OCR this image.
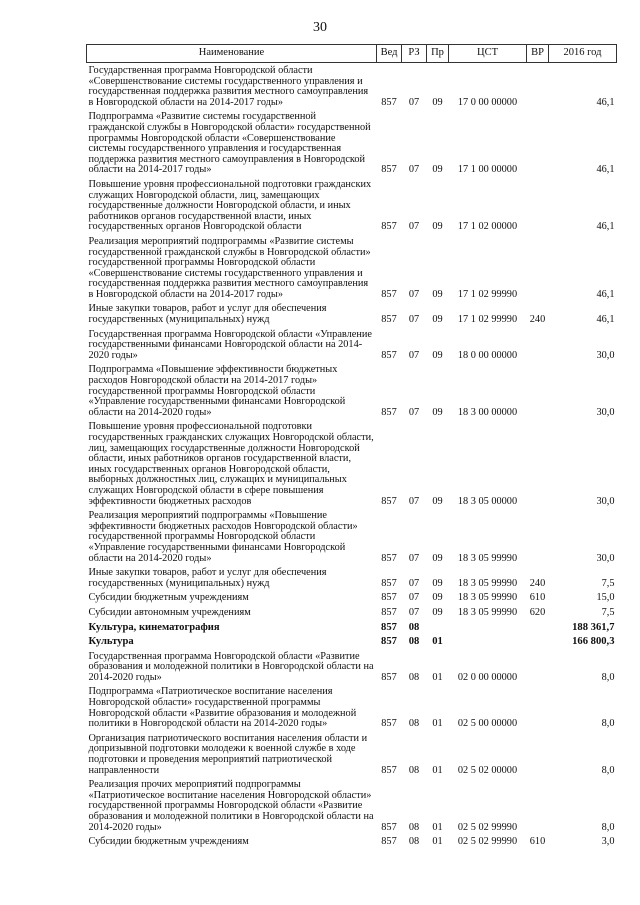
30
Наименование	Вед	РЗ	Пр	ЦСТ	ВР	2016 год
Государственная программа Новгородской области «Совершенствование системы государственного управления и государственная поддержка развития местного самоуправления в Новгородской области на 2014-2017 годы»	857	07	09	17 0 00 00000		46,1
Подпрограмма «Развитие системы государственной гражданской службы в Новгородской области» государственной программы Новгородской области «Совершенствование системы государственного управления и государственная поддержка развития местного самоуправления в Новгородской области на 2014-2017 годы»	857	07	09	17 1 00 00000		46,1
Повышение уровня профессиональной подготовки гражданских служащих Новгородской области, лиц, замещающих государственные должности Новгородской области, и иных работников органов государственной власти, иных государственных органов Новгородской области	857	07	09	17 1 02 00000		46,1
Реализация мероприятий подпрограммы «Развитие системы государственной гражданской службы в Новгородской области» государственной программы Новгородской области «Совершенствование системы государственного управления и государственная поддержка развития местного самоуправления в Новгородской области на 2014-2017 годы»	857	07	09	17 1 02 99990		46,1
Иные закупки товаров, работ и услуг для обеспечения государственных (муниципальных) нужд	857	07	09	17 1 02 99990	240	46,1
Государственная программа Новгородской области «Управление государственными финансами Новгородской области на 2014-2020 годы»	857	07	09	18 0 00 00000		30,0
Подпрограмма «Повышение эффективности бюджетных расходов Новгородской области на 2014-2017 годы» государственной программы Новгородской области «Управление государственными финансами Новгородской области на 2014-2020 годы»	857	07	09	18 3 00 00000		30,0
Повышение уровня профессиональной подготовки государственных гражданских служащих Новгородской области, лиц, замещающих государственные должности Новгородской области, иных работников органов государственной власти, иных государственных органов Новгородской области, выборных должностных лиц, служащих и муниципальных служащих Новгородской области в сфере повышения эффективности бюджетных расходов	857	07	09	18 3 05 00000		30,0
Реализация мероприятий подпрограммы «Повышение эффективности бюджетных расходов Новгородской области» государственной программы Новгородской области «Управление государственными финансами Новгородской области на 2014-2020 годы»	857	07	09	18 3 05 99990		30,0
Иные закупки товаров, работ и услуг для обеспечения государственных (муниципальных) нужд	857	07	09	18 3 05 99990	240	7,5
Субсидии бюджетным учреждениям	857	07	09	18 3 05 99990	610	15,0
Субсидии автономным учреждениям	857	07	09	18 3 05 99990	620	7,5
Культура, кинематография	857	08				188 361,7
Культура	857	08	01			166 800,3
Государственная программа Новгородской области «Развитие образования и молодежной политики в Новгородской области на 2014-2020 годы»	857	08	01	02 0 00 00000		8,0
Подпрограмма «Патриотическое воспитание населения Новгородской области» государственной программы Новгородской области «Развитие образования и молодежной политики в Новгородской области на 2014-2020 годы»	857	08	01	02 5 00 00000		8,0
Организация патриотического воспитания населения области и допризывной подготовки молодежи к военной службе в ходе подготовки и проведения мероприятий патриотической направленности	857	08	01	02 5 02 00000		8,0
Реализация прочих мероприятий подпрограммы «Патриотическое воспитание населения Новгородской области» государственной программы Новгородской области «Развитие образования и молодежной политики в Новгородской области на 2014-2020 годы»	857	08	01	02 5 02 99990		8,0
Субсидии бюджетным учреждениям	857	08	01	02 5 02 99990	610	3,0
